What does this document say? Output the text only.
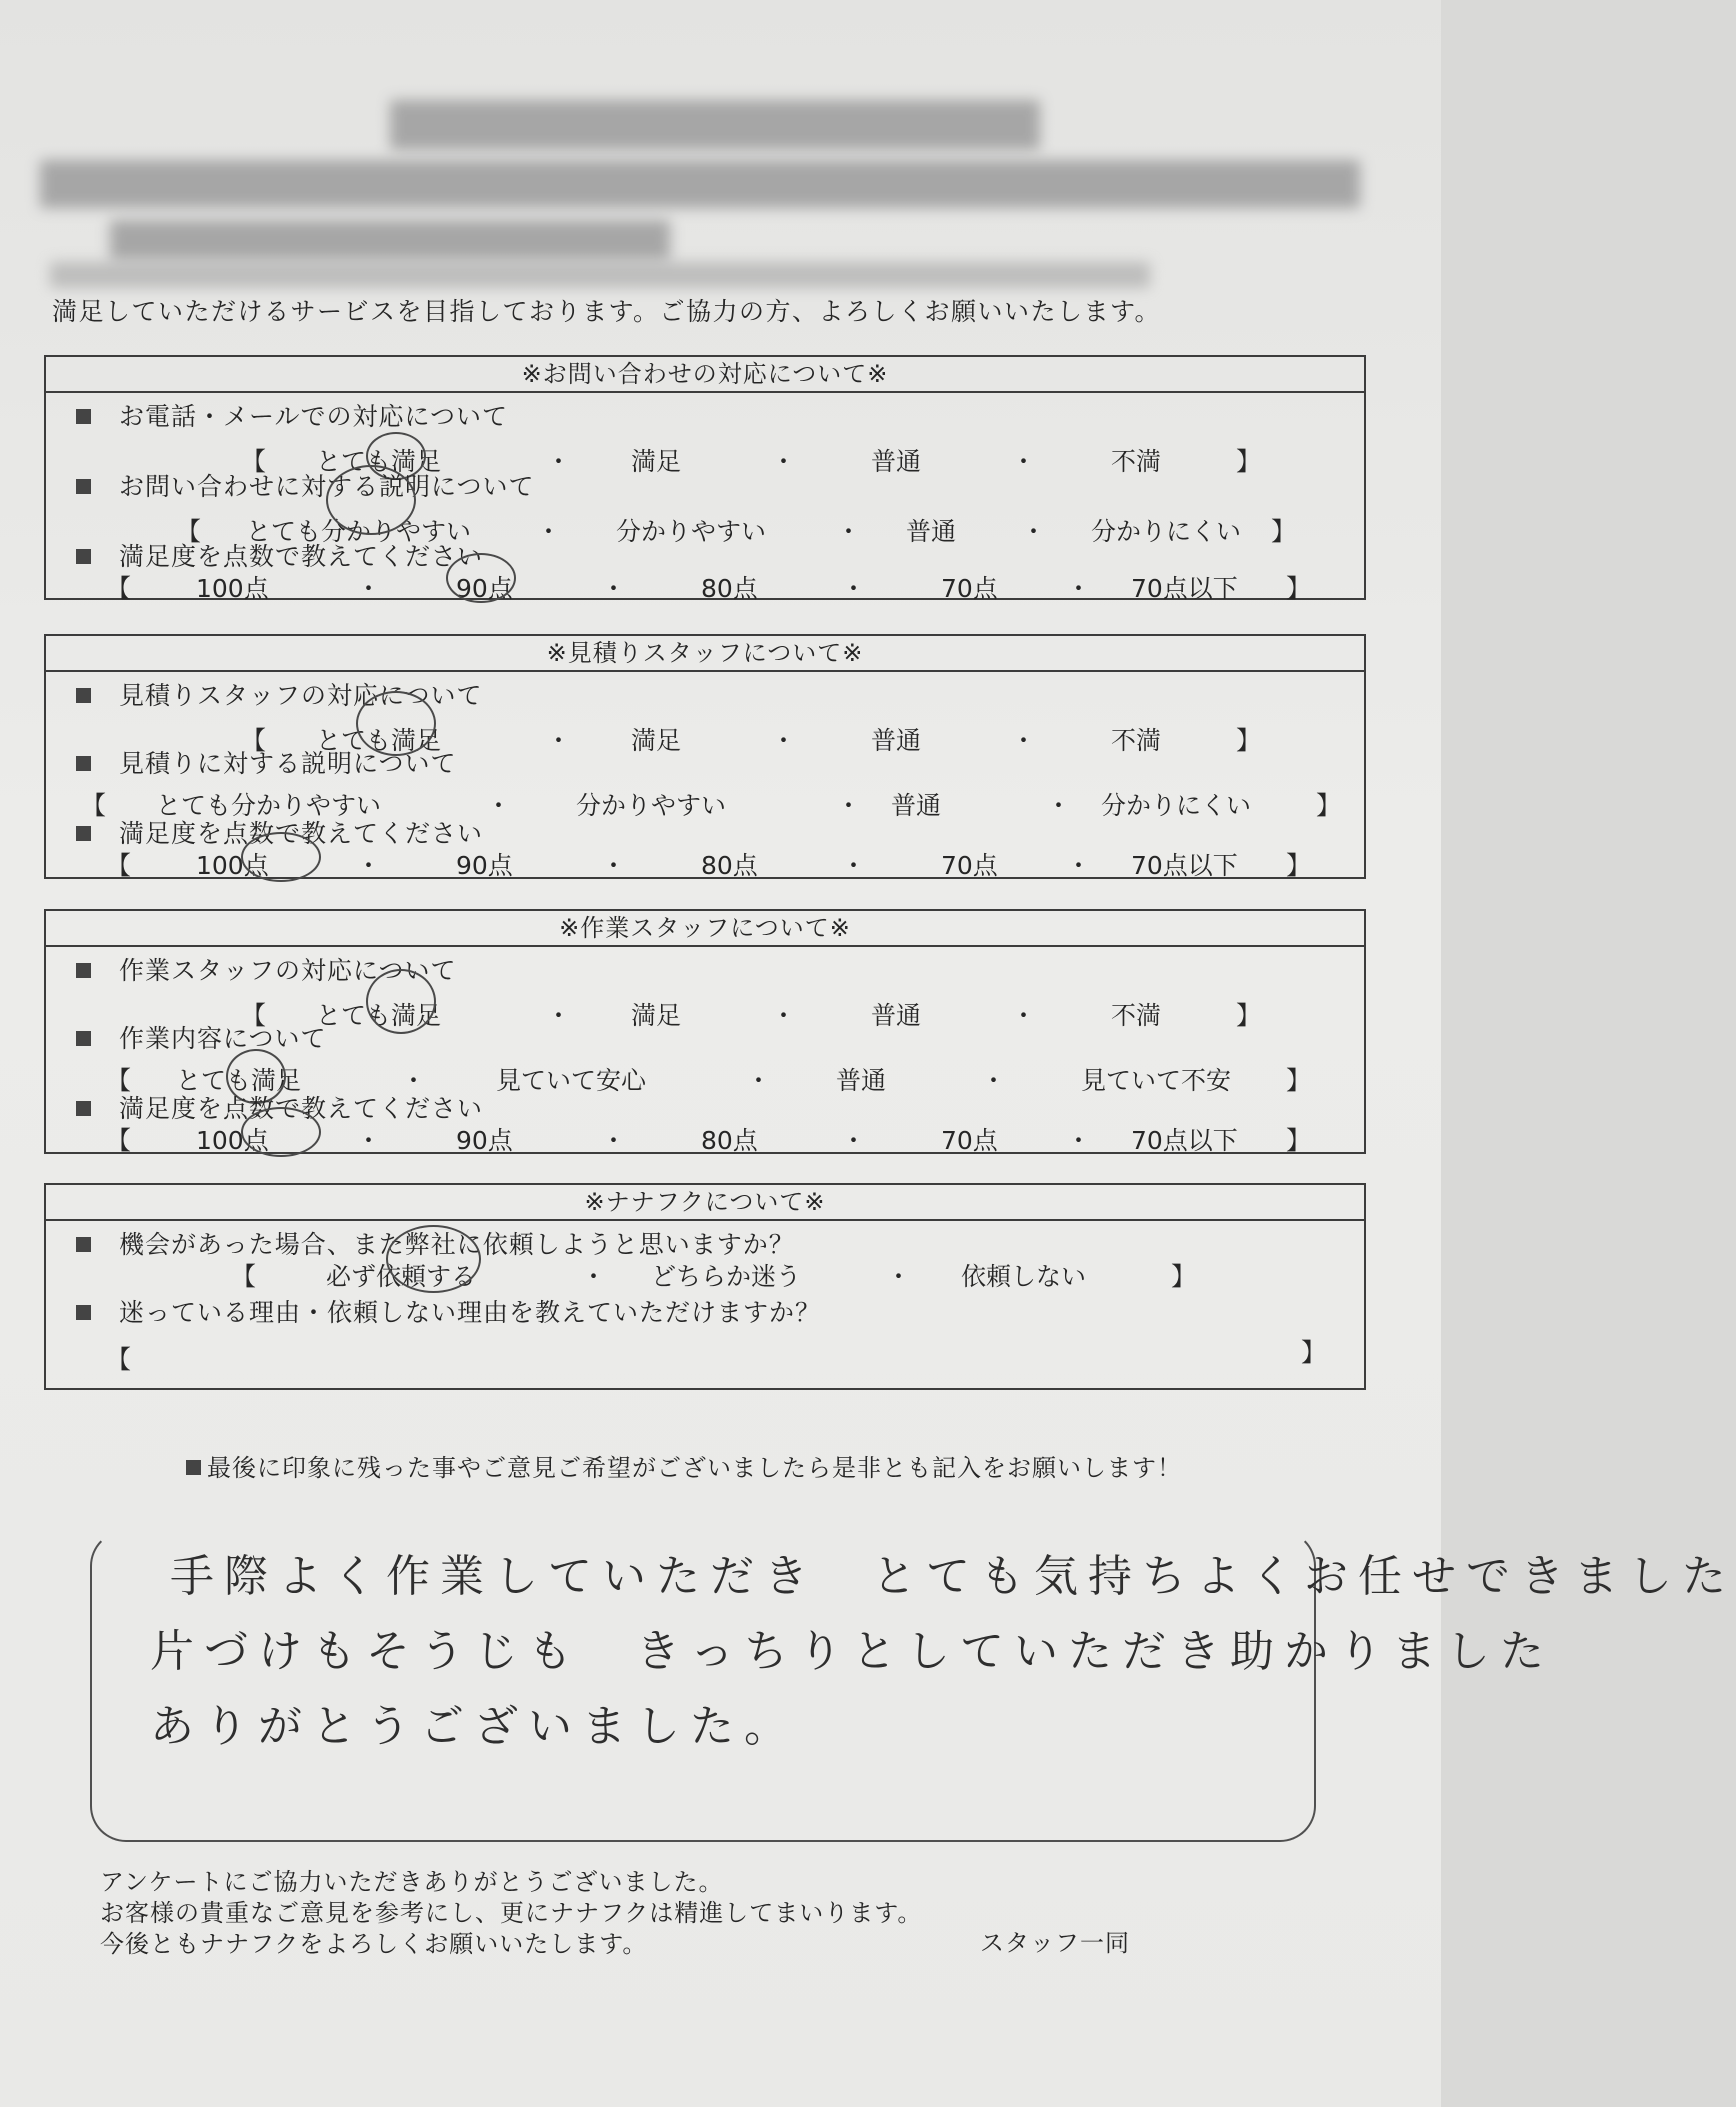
満足していただけるサービスを目指しております。ご協力の方、よろしくお願いいたします。
※お問い合わせの対応について※
お電話・メールでの対応について
【 とても満足	・ 満足	・	普通	・	不満	】
お問い合わせに対する説明について
【 とても分かりやすい	・ 分かりやすい	・ 普通	・ 分かりにくい 】
満足度を点数で教えてください
【	100点	・	90点	・	80点	・	70点	・ 70点以下 】
※見積りスタッフについて※
見積りスタッフの対応について
【 とても満足	・ 満足	・	普通	・	不満	】
見積りに対する説明について
【 とても分かりやすい	・	分かりやすい	・ 普通	・ 分かりにくい	】
満足度を点数で教えてください
【	100点	・	90点	・	80点	・	70点	・ 70点以下 】
※作業スタッフについて※
作業スタッフの対応について
【 とても満足	・ 満足	・	普通	・	不満	】
作業内容について
【 とても満足	・	見ていて安心	・	普通	・	見ていて不安 】
満足度を点数で教えてください
【	100点	・	90点	・	80点	・	70点	・ 70点以下 】
※ナナフクについて※
機会があった場合、また弊社に依頼しようと思いますか？
【	必ず依頼する	・ どちらか迷う	・ 依頼しない	】
迷っている理由・依頼しない理由を教えていただけますか？
【	】
最後に印象に残った事やご意見ご希望がございましたら是非とも記入をお願いします！
手際よく作業していただき　とても気持ちよくお任せできました
片づけもそうじも　きっちりとしていただき助かりました
ありがとうございました。
アンケートにご協力いただきありがとうございました。
お客様の貴重なご意見を参考にし、更にナナフクは精進してまいります。
今後ともナナフクをよろしくお願いいたします。	スタッフ一同
